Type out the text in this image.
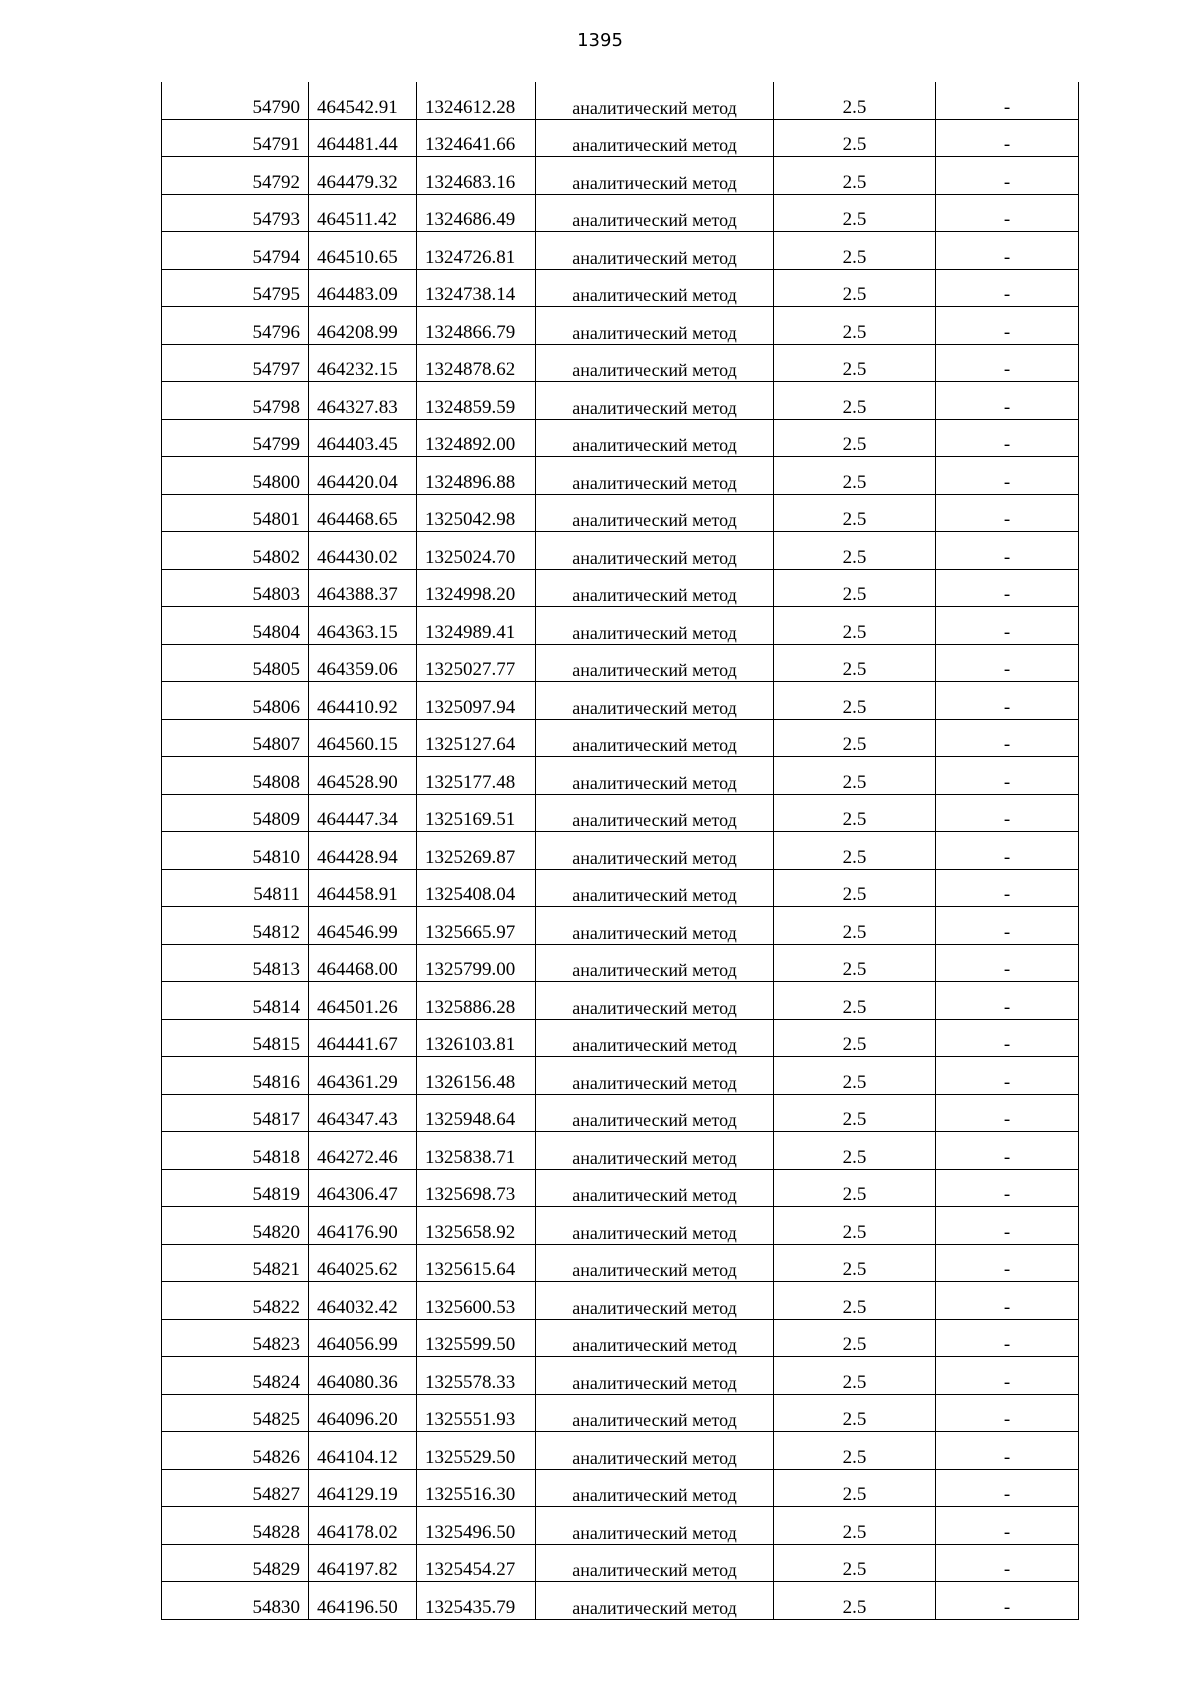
1395
54790	464542.91	1324612.28	аналитический метод	2.5	-
54791	464481.44	1324641.66	аналитический метод	2.5	-
54792	464479.32	1324683.16	аналитический метод	2.5	-
54793	464511.42	1324686.49	аналитический метод	2.5	-
54794	464510.65	1324726.81	аналитический метод	2.5	-
54795	464483.09	1324738.14	аналитический метод	2.5	-
54796	464208.99	1324866.79	аналитический метод	2.5	-
54797	464232.15	1324878.62	аналитический метод	2.5	-
54798	464327.83	1324859.59	аналитический метод	2.5	-
54799	464403.45	1324892.00	аналитический метод	2.5	-
54800	464420.04	1324896.88	аналитический метод	2.5	-
54801	464468.65	1325042.98	аналитический метод	2.5	-
54802	464430.02	1325024.70	аналитический метод	2.5	-
54803	464388.37	1324998.20	аналитический метод	2.5	-
54804	464363.15	1324989.41	аналитический метод	2.5	-
54805	464359.06	1325027.77	аналитический метод	2.5	-
54806	464410.92	1325097.94	аналитический метод	2.5	-
54807	464560.15	1325127.64	аналитический метод	2.5	-
54808	464528.90	1325177.48	аналитический метод	2.5	-
54809	464447.34	1325169.51	аналитический метод	2.5	-
54810	464428.94	1325269.87	аналитический метод	2.5	-
54811	464458.91	1325408.04	аналитический метод	2.5	-
54812	464546.99	1325665.97	аналитический метод	2.5	-
54813	464468.00	1325799.00	аналитический метод	2.5	-
54814	464501.26	1325886.28	аналитический метод	2.5	-
54815	464441.67	1326103.81	аналитический метод	2.5	-
54816	464361.29	1326156.48	аналитический метод	2.5	-
54817	464347.43	1325948.64	аналитический метод	2.5	-
54818	464272.46	1325838.71	аналитический метод	2.5	-
54819	464306.47	1325698.73	аналитический метод	2.5	-
54820	464176.90	1325658.92	аналитический метод	2.5	-
54821	464025.62	1325615.64	аналитический метод	2.5	-
54822	464032.42	1325600.53	аналитический метод	2.5	-
54823	464056.99	1325599.50	аналитический метод	2.5	-
54824	464080.36	1325578.33	аналитический метод	2.5	-
54825	464096.20	1325551.93	аналитический метод	2.5	-
54826	464104.12	1325529.50	аналитический метод	2.5	-
54827	464129.19	1325516.30	аналитический метод	2.5	-
54828	464178.02	1325496.50	аналитический метод	2.5	-
54829	464197.82	1325454.27	аналитический метод	2.5	-
54830	464196.50	1325435.79	аналитический метод	2.5	-
